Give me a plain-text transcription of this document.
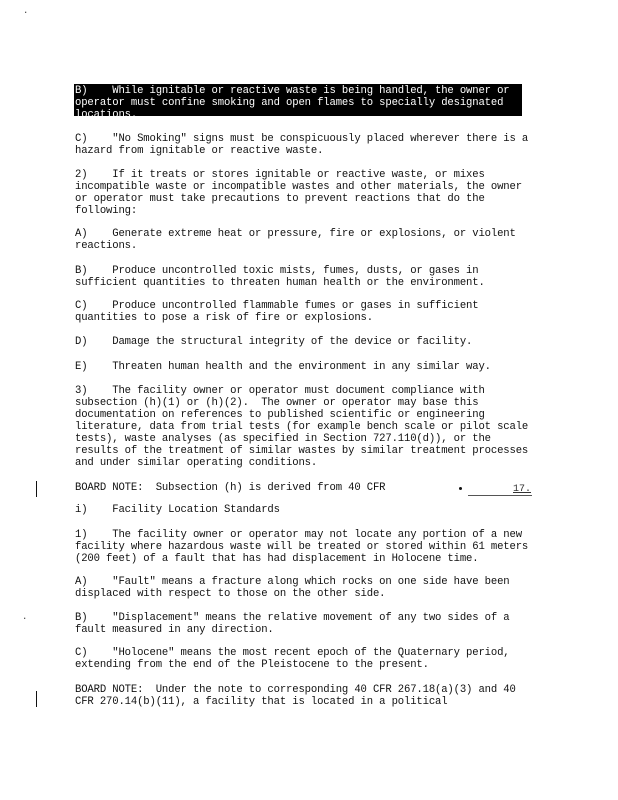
·
B)    While ignitable or reactive waste is being handled, the owner or operator must confine smoking and open flames to specially designated locations.
C)    "No Smoking" signs must be conspicuously placed wherever there is a hazard from ignitable or reactive waste.
2)    If it treats or stores ignitable or reactive waste, or mixes incompatible waste or incompatible wastes and other materials, the owner or operator must take precautions to prevent reactions that do the following:
A)    Generate extreme heat or pressure, fire or explosions, or violent reactions.
B)    Produce uncontrolled toxic mists, fumes, dusts, or gases in sufficient quantities to threaten human health or the environment.
C)    Produce uncontrolled flammable fumes or gases in sufficient quantities to pose a risk of fire or explosions.
D)    Damage the structural integrity of the device or facility.
E)    Threaten human health and the environment in any similar way.
3)    The facility owner or operator must document compliance with subsection (h)(1) or (h)(2).  The owner or operator may base this documentation on references to published scientific or engineering literature, data from trial tests (for example bench scale or pilot scale tests), waste analyses (as specified in Section 727.110(d)), or the results of the treatment of similar wastes by similar treatment processes and under similar operating conditions.
BOARD NOTE:  Subsection (h) is derived from 40 CFR	17.
i)    Facility Location Standards
1)    The facility owner or operator may not locate any portion of a new facility where hazardous waste will be treated or stored within 61 meters (200 feet) of a fault that has had displacement in Holocene time.
A)    "Fault" means a fracture along which rocks on one side have been displaced with respect to those on the other side.
B)    "Displacement" means the relative movement of any two sides of a fault measured in any direction.
C)    "Holocene" means the most recent epoch of the Quaternary period, extending from the end of the Pleistocene to the present.
BOARD NOTE:  Under the note to corresponding 40 CFR 267.18(a)(3) and 40 CFR 270.14(b)(11), a facility that is located in a political
·
